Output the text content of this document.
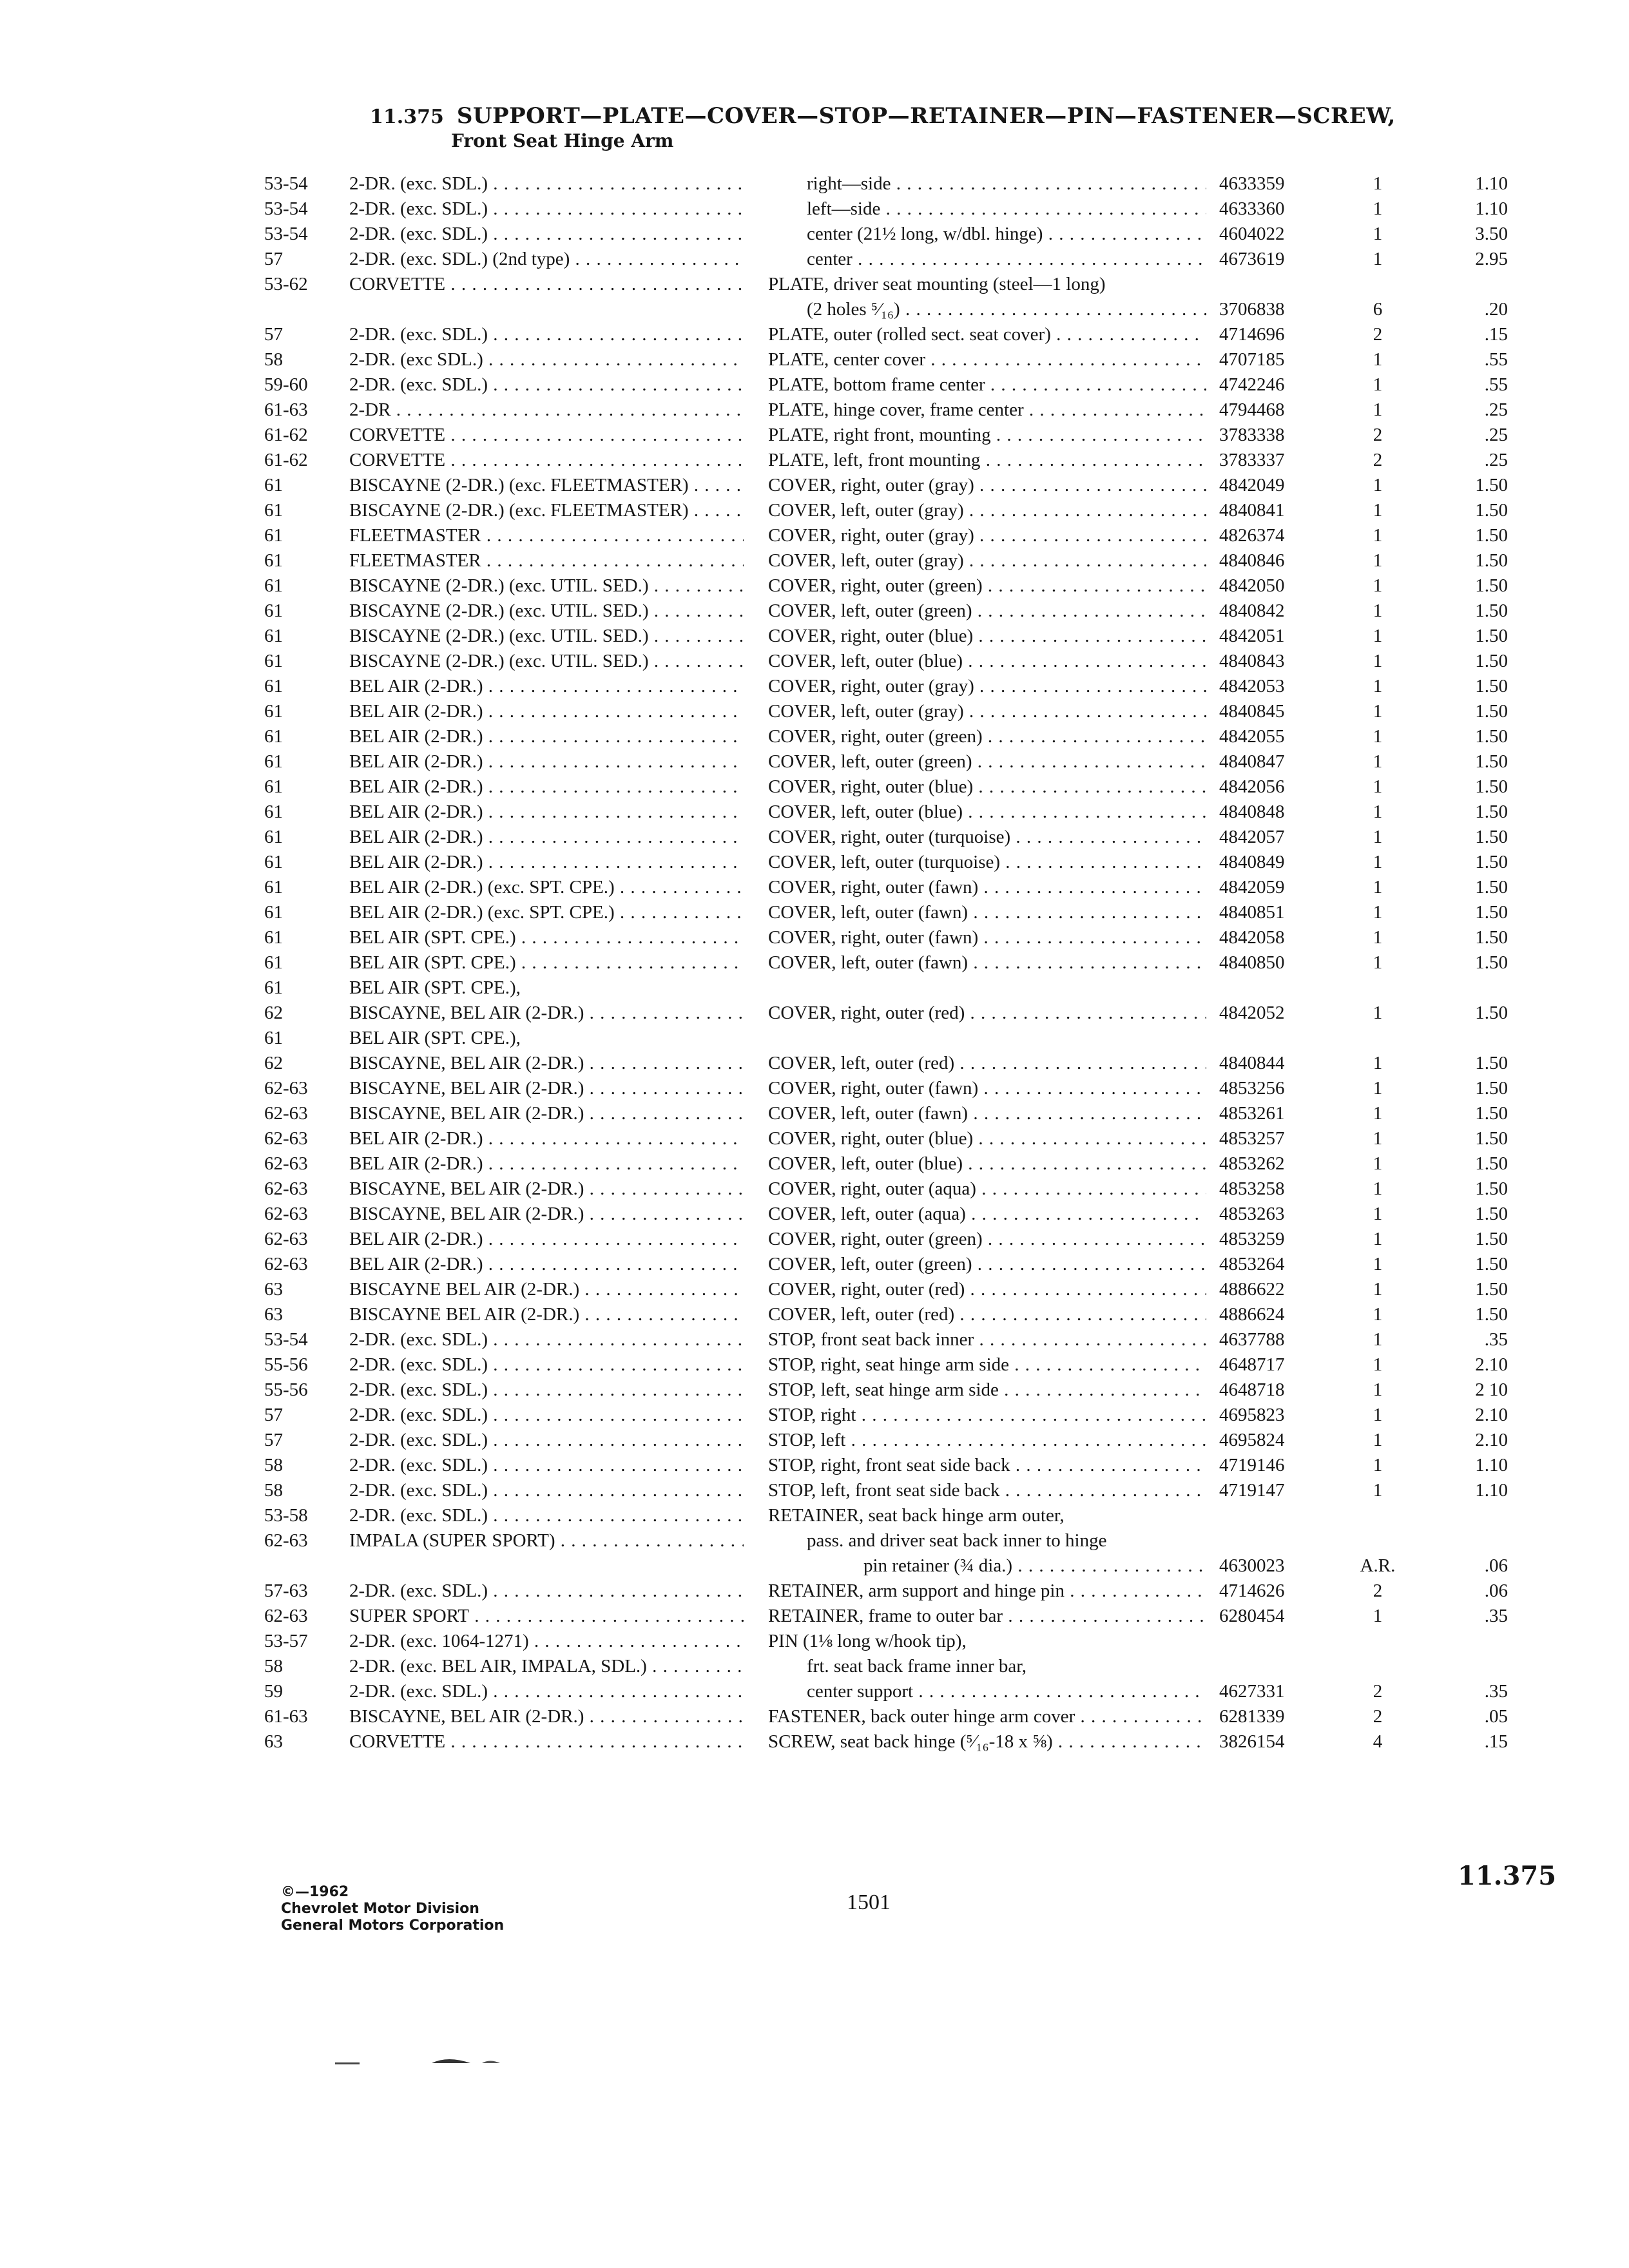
11.375 SUPPORT—PLATE—COVER—STOP—RETAINER—PIN—FASTENER—SCREW,
Front Seat Hinge Arm
53-54	2-DR. (exc. SDL.) . . .	right—side . . .	4633359	1	1.10
53-54	2-DR. (exc. SDL.) . . .	left—side . . .	4633360	1	1.10
53-54	2-DR. (exc. SDL.) . . .	center (21½ long, w/dbl. hinge) . . .	4604022	1	3.50
57	2-DR. (exc. SDL.) (2nd type) . . .	center . . .	4673619	1	2.95
53-62	CORVETTE . . .	PLATE, driver seat mounting (steel—1 long)
(2 holes ⁵⁄₁₆) . . .	3706838	6	.20
57	2-DR. (exc. SDL.) . . .	PLATE, outer (rolled sect. seat cover) . . .	4714696	2	.15
58	2-DR. (exc SDL.) . . .	PLATE, center cover . . .	4707185	1	.55
59-60	2-DR. (exc. SDL.) . . .	PLATE, bottom frame center . . .	4742246	1	.55
61-63	2-DR . . .	PLATE, hinge cover, frame center . . .	4794468	1	.25
61-62	CORVETTE . . .	PLATE, right front, mounting . . .	3783338	2	.25
61-62	CORVETTE . . .	PLATE, left, front mounting . . .	3783337	2	.25
61	BISCAYNE (2-DR.) (exc. FLEETMASTER) . . .	COVER, right, outer (gray) . . .	4842049	1	1.50
61	BISCAYNE (2-DR.) (exc. FLEETMASTER) . . .	COVER, left, outer (gray) . . .	4840841	1	1.50
61	FLEETMASTER . . .	COVER, right, outer (gray) . . .	4826374	1	1.50
61	FLEETMASTER . . .	COVER, left, outer (gray) . . .	4840846	1	1.50
61	BISCAYNE (2-DR.) (exc. UTIL. SED.) . . .	COVER, right, outer (green) . . .	4842050	1	1.50
61	BISCAYNE (2-DR.) (exc. UTIL. SED.) . . .	COVER, left, outer (green) . . .	4840842	1	1.50
61	BISCAYNE (2-DR.) (exc. UTIL. SED.) . . .	COVER, right, outer (blue) . . .	4842051	1	1.50
61	BISCAYNE (2-DR.) (exc. UTIL. SED.) . . .	COVER, left, outer (blue) . . .	4840843	1	1.50
61	BEL AIR (2-DR.) . . .	COVER, right, outer (gray) . . .	4842053	1	1.50
61	BEL AIR (2-DR.) . . .	COVER, left, outer (gray) . . .	4840845	1	1.50
61	BEL AIR (2-DR.) . . .	COVER, right, outer (green) . . .	4842055	1	1.50
61	BEL AIR (2-DR.) . . .	COVER, left, outer (green) . . .	4840847	1	1.50
61	BEL AIR (2-DR.) . . .	COVER, right, outer (blue) . . .	4842056	1	1.50
61	BEL AIR (2-DR.) . . .	COVER, left, outer (blue) . . .	4840848	1	1.50
61	BEL AIR (2-DR.) . . .	COVER, right, outer (turquoise) . . .	4842057	1	1.50
61	BEL AIR (2-DR.) . . .	COVER, left, outer (turquoise) . . .	4840849	1	1.50
61	BEL AIR (2-DR.) (exc. SPT. CPE.) . . .	COVER, right, outer (fawn) . . .	4842059	1	1.50
61	BEL AIR (2-DR.) (exc. SPT. CPE.) . . .	COVER, left, outer (fawn) . . .	4840851	1	1.50
61	BEL AIR (SPT. CPE.) . . .	COVER, right, outer (fawn) . . .	4842058	1	1.50
61	BEL AIR (SPT. CPE.) . . .	COVER, left, outer (fawn) . . .	4840850	1	1.50
61	BEL AIR (SPT. CPE.),
62	BISCAYNE, BEL AIR (2-DR.) . . .	COVER, right, outer (red) . . .	4842052	1	1.50
61	BEL AIR (SPT. CPE.),
62	BISCAYNE, BEL AIR (2-DR.) . . .	COVER, left, outer (red) . . .	4840844	1	1.50
62-63	BISCAYNE, BEL AIR (2-DR.) . . .	COVER, right, outer (fawn) . . .	4853256	1	1.50
62-63	BISCAYNE, BEL AIR (2-DR.) . . .	COVER, left, outer (fawn) . . .	4853261	1	1.50
62-63	BEL AIR (2-DR.) . . .	COVER, right, outer (blue) . . .	4853257	1	1.50
62-63	BEL AIR (2-DR.) . . .	COVER, left, outer (blue) . . .	4853262	1	1.50
62-63	BISCAYNE, BEL AIR (2-DR.) . . .	COVER, right, outer (aqua) . . .	4853258	1	1.50
62-63	BISCAYNE, BEL AIR (2-DR.) . . .	COVER, left, outer (aqua) . . .	4853263	1	1.50
62-63	BEL AIR (2-DR.) . . .	COVER, right, outer (green) . . .	4853259	1	1.50
62-63	BEL AIR (2-DR.) . . .	COVER, left, outer (green) . . .	4853264	1	1.50
63	BISCAYNE BEL AIR (2-DR.) . . .	COVER, right, outer (red) . . .	4886622	1	1.50
63	BISCAYNE BEL AIR (2-DR.) . . .	COVER, left, outer (red) . . .	4886624	1	1.50
53-54	2-DR. (exc. SDL.) . . .	STOP, front seat back inner . . .	4637788	1	.35
55-56	2-DR. (exc. SDL.) . . .	STOP, right, seat hinge arm side . . .	4648717	1	2.10
55-56	2-DR. (exc. SDL.) . . .	STOP, left, seat hinge arm side . . .	4648718	1	2 10
57	2-DR. (exc. SDL.) . . .	STOP, right . . .	4695823	1	2.10
57	2-DR. (exc. SDL.) . . .	STOP, left . . .	4695824	1	2.10
58	2-DR. (exc. SDL.) . . .	STOP, right, front seat side back . . .	4719146	1	1.10
58	2-DR. (exc. SDL.) . . .	STOP, left, front seat side back . . .	4719147	1	1.10
53-58	2-DR. (exc. SDL.) . . .	RETAINER, seat back hinge arm outer,
62-63	IMPALA (SUPER SPORT) . . .	pass. and driver seat back inner to hinge
pin retainer (¾ dia.) . . .	4630023	A.R.	.06
57-63	2-DR. (exc. SDL.) . . .	RETAINER, arm support and hinge pin . . .	4714626	2	.06
62-63	SUPER SPORT . . .	RETAINER, frame to outer bar . . .	6280454	1	.35
53-57	2-DR. (exc. 1064-1271) . . .	PIN (1⅛ long w/hook tip),
58	2-DR. (exc. BEL AIR, IMPALA, SDL.) . . .	frt. seat back frame inner bar,
59	2-DR. (exc. SDL.) . . .	center support . . .	4627331	2	.35
61-63	BISCAYNE, BEL AIR (2-DR.) . . .	FASTENER, back outer hinge arm cover . . .	6281339	2	.05
63	CORVETTE . . .	SCREW, seat back hinge (⁵⁄₁₆-18 x ⅝) . . .	3826154	4	.15
©—1962
Chevrolet Motor Division
General Motors Corporation
1501
11.375
